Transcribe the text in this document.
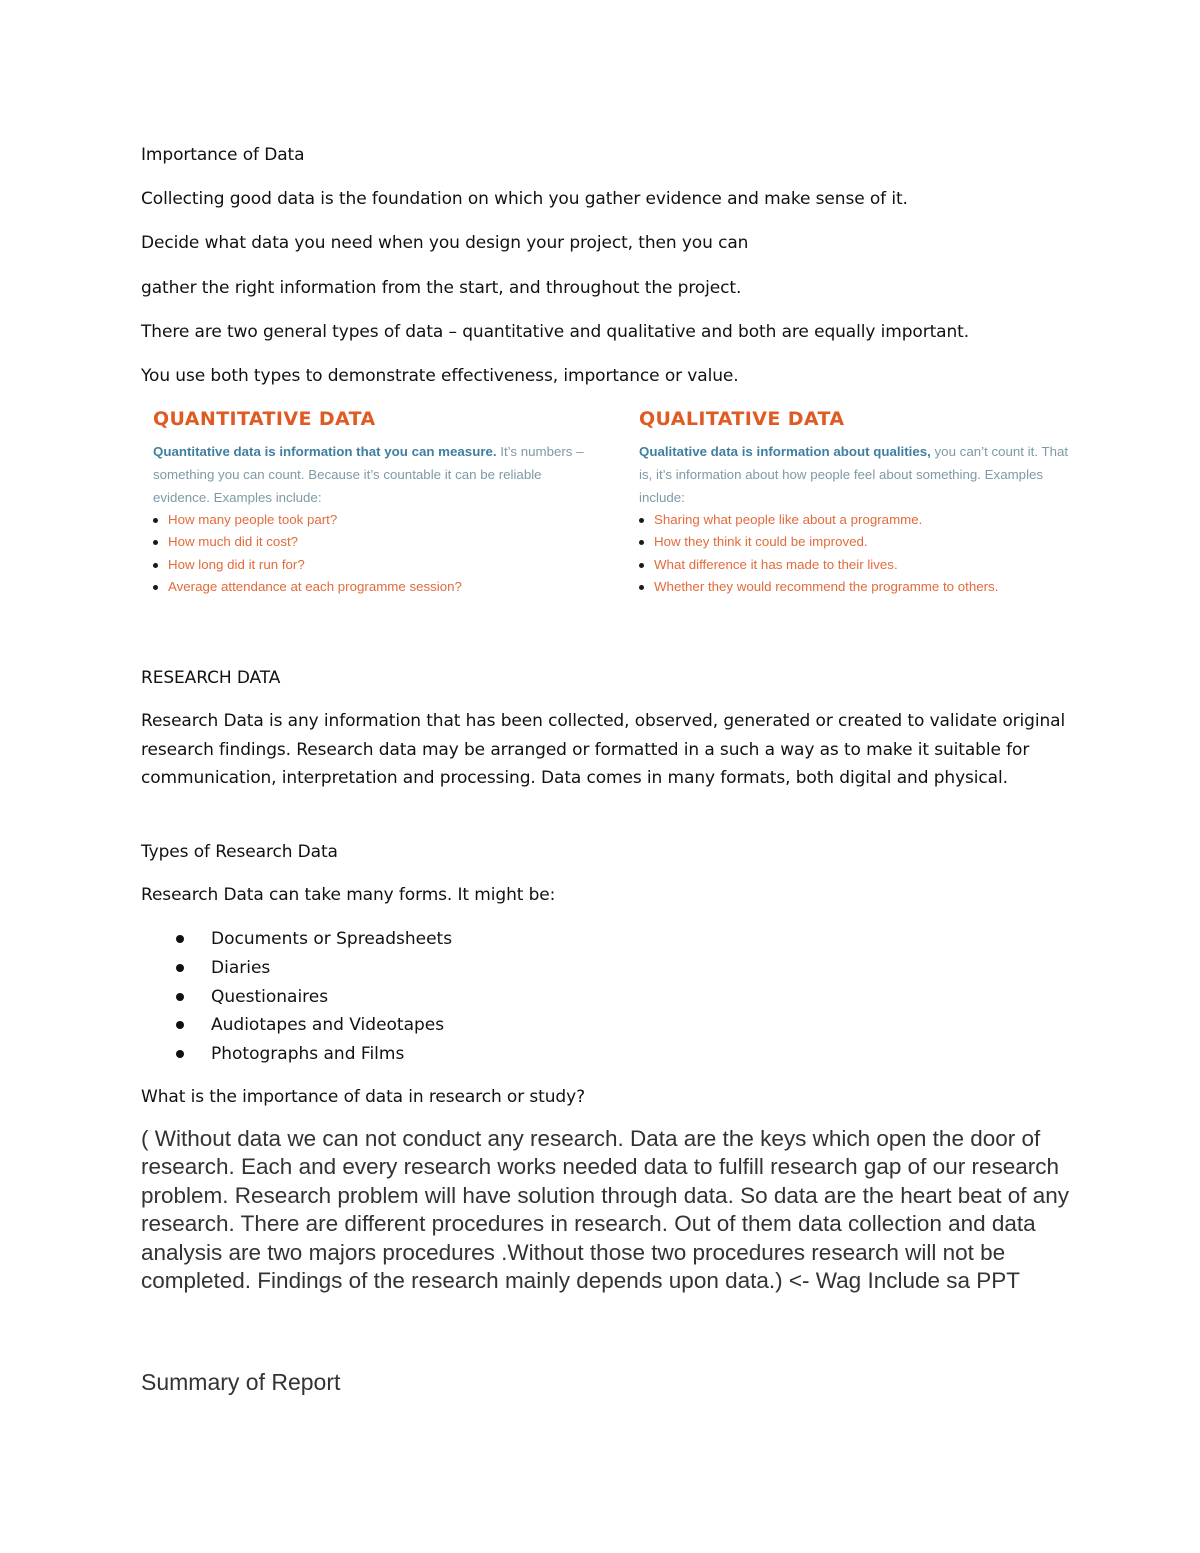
Importance of Data
Collecting good data is the foundation on which you gather evidence and make sense of it.
Decide what data you need when you design your project, then you can
gather the right information from the start, and throughout the project.
There are two general types of data – quantitative and qualitative and both are equally important.
You use both types to demonstrate effectiveness, importance or value.
QUANTITATIVE DATA
Quantitative data is information that you can measure. It’s numbers –something you can count. Because it’s countable it can be reliable evidence. Examples include:
How many people took part?
How much did it cost?
How long did it run for?
Average attendance at each programme session?
QUALITATIVE DATA
Qualitative data is information about qualities, you can’t count it. That is, it’s information about how people feel about something. Examples include:
Sharing what people like about a programme.
How they think it could be improved.
What difference it has made to their lives.
Whether they would recommend the programme to others.
RESEARCH DATA
Research Data is any information that has been collected, observed, generated or created to validate original research findings. Research data may be arranged or formatted in a such a way as to make it suitable for communication, interpretation and processing. Data comes in many formats, both digital and physical.
Types of Research Data
Research Data can take many forms. It might be:
Documents or Spreadsheets
Diaries
Questionaires
Audiotapes and Videotapes
Photographs and Films
What is the importance of data in research or study?
( Without data we can not conduct any research. Data are the keys which open the door of research. Each and every research works needed data to fulfill research gap of our research problem. Research problem will have solution through data. So data are the heart beat of any research. There are different procedures in research. Out of them data collection and data analysis are two majors procedures .Without those two procedures research will not be completed. Findings of the research mainly depends upon data.) <- Wag Include sa PPT
Summary of Report
